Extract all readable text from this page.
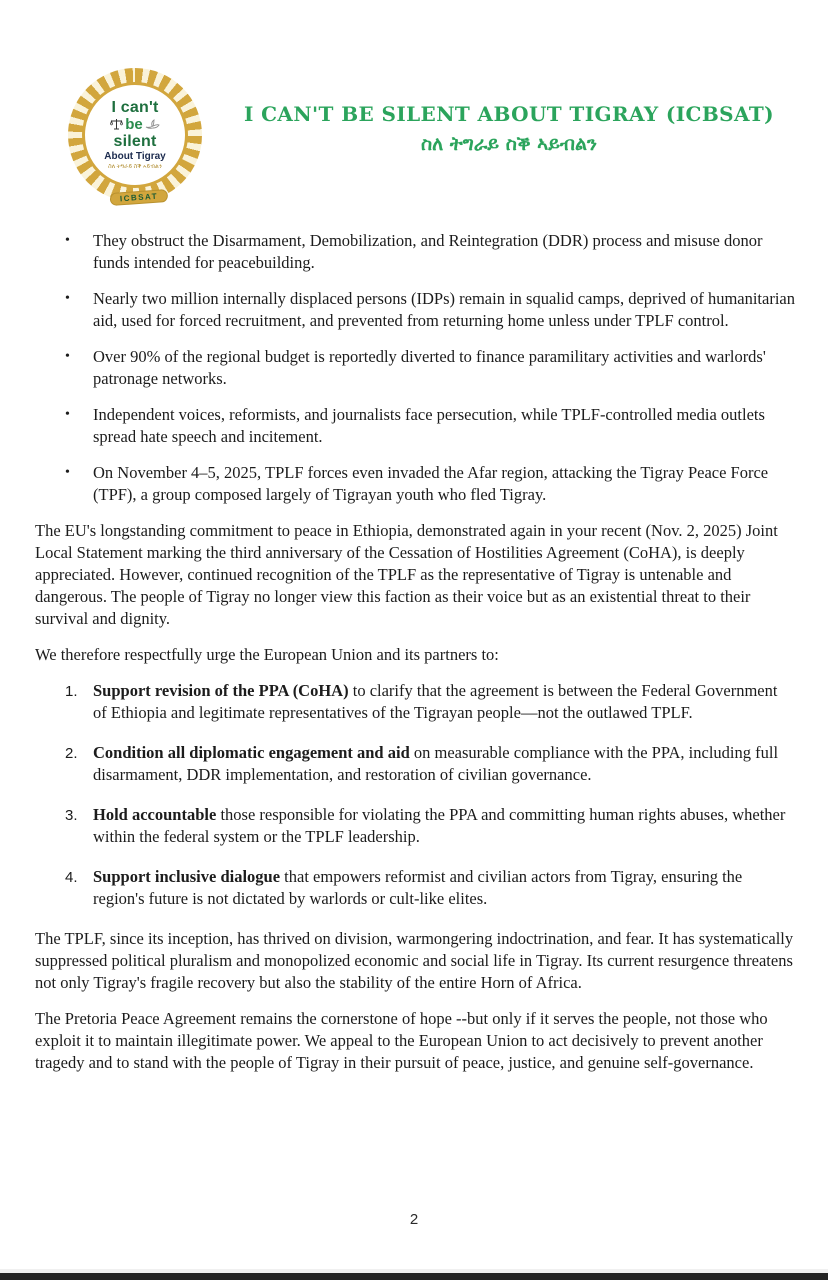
I can't
be
silent
About Tigray
ስለ ትግራይ ስቕ ኣይብልን
ICBSAT
I CAN'T BE SILENT ABOUT TIGRAY (ICBSAT)
ስለ ትግራይ ስቕ ኣይብልን
•	They obstruct the Disarmament, Demobilization, and Reintegration (DDR) process and misuse donor funds intended for peacebuilding.
•	Nearly two million internally displaced persons (IDPs) remain in squalid camps, deprived of humanitarian aid, used for forced recruitment, and prevented from returning home unless under TPLF control.
•	Over 90% of the regional budget is reportedly diverted to finance paramilitary activities and warlords' patronage networks.
•	Independent voices, reformists, and journalists face persecution, while TPLF-controlled media outlets spread hate speech and incitement.
•	On November 4–5, 2025, TPLF forces even invaded the Afar region, attacking the Tigray Peace Force (TPF), a group composed largely of Tigrayan youth who fled Tigray.

The EU's longstanding commitment to peace in Ethiopia, demonstrated again in your recent (Nov. 2, 2025) Joint Local Statement marking the third anniversary of the Cessation of Hostilities Agreement (CoHA), is deeply appreciated. However, continued recognition of the TPLF as the representative of Tigray is untenable and dangerous. The people of Tigray no longer view this faction as their voice but as an existential threat to their survival and dignity.

We therefore respectfully urge the European Union and its partners to:

1. Support revision of the PPA (CoHA) to clarify that the agreement is between the Federal Government of Ethiopia and legitimate representatives of the Tigrayan people—not the outlawed TPLF.
2. Condition all diplomatic engagement and aid on measurable compliance with the PPA, including full disarmament, DDR implementation, and restoration of civilian governance.
3. Hold accountable those responsible for violating the PPA and committing human rights abuses, whether within the federal system or the TPLF leadership.
4. Support inclusive dialogue that empowers reformist and civilian actors from Tigray, ensuring the region's future is not dictated by warlords or cult-like elites.

The TPLF, since its inception, has thrived on division, warmongering indoctrination, and fear. It has systematically suppressed political pluralism and monopolized economic and social life in Tigray. Its current resurgence threatens not only Tigray's fragile recovery but also the stability of the entire Horn of Africa.

The Pretoria Peace Agreement remains the cornerstone of hope --but only if it serves the people, not those who exploit it to maintain illegitimate power. We appeal to the European Union to act decisively to prevent another tragedy and to stand with the people of Tigray in their pursuit of peace, justice, and genuine self-governance.

2
